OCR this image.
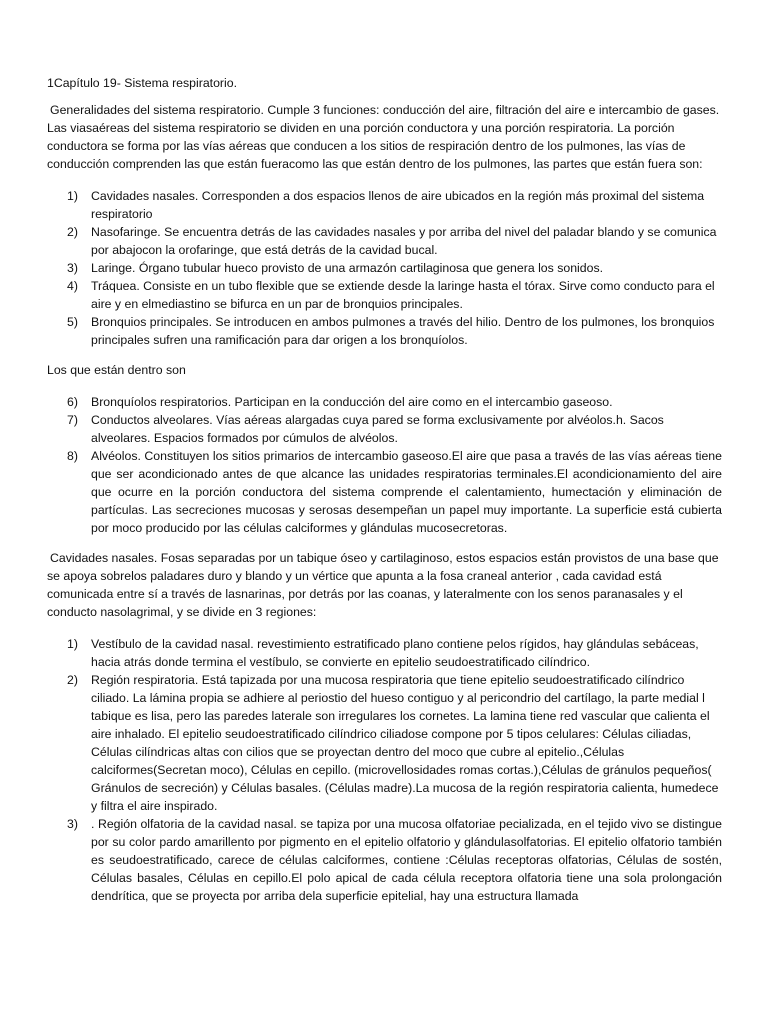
1Capítulo 19- Sistema respiratorio.

Generalidades del sistema respiratorio. Cumple 3 funciones: conducción del aire, filtración del aire e intercambio de gases. Las viasaéreas del sistema respiratorio se dividen en una porción conductora y una porción respiratoria. La porción conductora se forma por las vías aéreas que conducen a los sitios de respiración dentro de los pulmones, las vías de conducción comprenden las que están fueracomo las que están dentro de los pulmones, las partes que están fuera son:

1) Cavidades nasales. Corresponden a dos espacios llenos de aire ubicados en la región más proximal del sistema respiratorio
2) Nasofaringe. Se encuentra detrás de las cavidades nasales y por arriba del nivel del paladar blando y se comunica por abajocon la orofaringe, que está detrás de la cavidad bucal.
3) Laringe. Órgano tubular hueco provisto de una armazón cartilaginosa que genera los sonidos.
4) Tráquea. Consiste en un tubo flexible que se extiende desde la laringe hasta el tórax. Sirve como conducto para el aire y en elmediastino se bifurca en un par de bronquios principales.
5) Bronquios principales. Se introducen en ambos pulmones a través del hilio. Dentro de los pulmones, los bronquios principales sufren una ramificación para dar origen a los bronquíolos.

Los que están dentro son

6) Bronquíolos respiratorios. Participan en la conducción del aire como en el intercambio gaseoso.
7) Conductos alveolares. Vías aéreas alargadas cuya pared se forma exclusivamente por alvéolos.h. Sacos alveolares. Espacios formados por cúmulos de alvéolos.
8) Alvéolos. Constituyen los sitios primarios de intercambio gaseoso.El aire que pasa a través de las vías aéreas tiene que ser acondicionado antes de que alcance las unidades respiratorias terminales.El acondicionamiento del aire que ocurre en la porción conductora del sistema comprende el calentamiento, humectación y eliminación de partículas. Las secreciones mucosas y serosas desempeñan un papel muy importante. La superficie está cubierta por moco producido por las células calciformes y glándulas mucosecretoras.

Cavidades nasales. Fosas separadas por un tabique óseo y cartilaginoso, estos espacios están provistos de una base que se apoya sobrelos paladares duro y blando y un vértice que apunta a la fosa craneal anterior , cada cavidad está comunicada entre sí a través de lasnarinas, por detrás por las coanas, y lateralmente con los senos paranasales y el conducto nasolagrimal, y se divide en 3 regiones:

1) Vestíbulo de la cavidad nasal. revestimiento estratificado plano contiene pelos rígidos, hay glándulas sebáceas, hacia atrás donde termina el vestíbulo, se convierte en epitelio seudoestratificado cilíndrico.
2) Región respiratoria. Está tapizada por una mucosa respiratoria que tiene epitelio seudoestratificado cilíndrico ciliado. La lámina propia se adhiere al periostio del hueso contiguo y al pericondrio del cartílago, la parte medial l tabique es lisa, pero las paredes laterale son irregulares los cornetes. La lamina tiene red vascular que calienta el aire inhalado. El epitelio seudoestratificado cilíndrico ciliadose compone por 5 tipos celulares: Células ciliadas, Células cilíndricas altas con cilios que se proyectan dentro del moco que cubre al epitelio.,Células calciformes(Secretan moco), Células en cepillo. (microvellosidades romas cortas.),Células de gránulos pequeños( Gránulos de secreción) y Células basales. (Células madre).La mucosa de la región respiratoria calienta, humedece y filtra el aire inspirado.
3) . Región olfatoria de la cavidad nasal. se tapiza por una mucosa olfatoriae pecializada, en el tejido vivo se distingue por su color pardo amarillento por pigmento en el epitelio olfatorio y glándulasolfatorias. El epitelio olfatorio también es seudoestratificado, carece de células calciformes, contiene :Células receptoras olfatorias, Células de sostén, Células basales, Células en cepillo.El polo apical de cada célula receptora olfatoria tiene una sola prolongación dendrítica, que se proyecta por arriba dela superficie epitelial, hay una estructura llamada
